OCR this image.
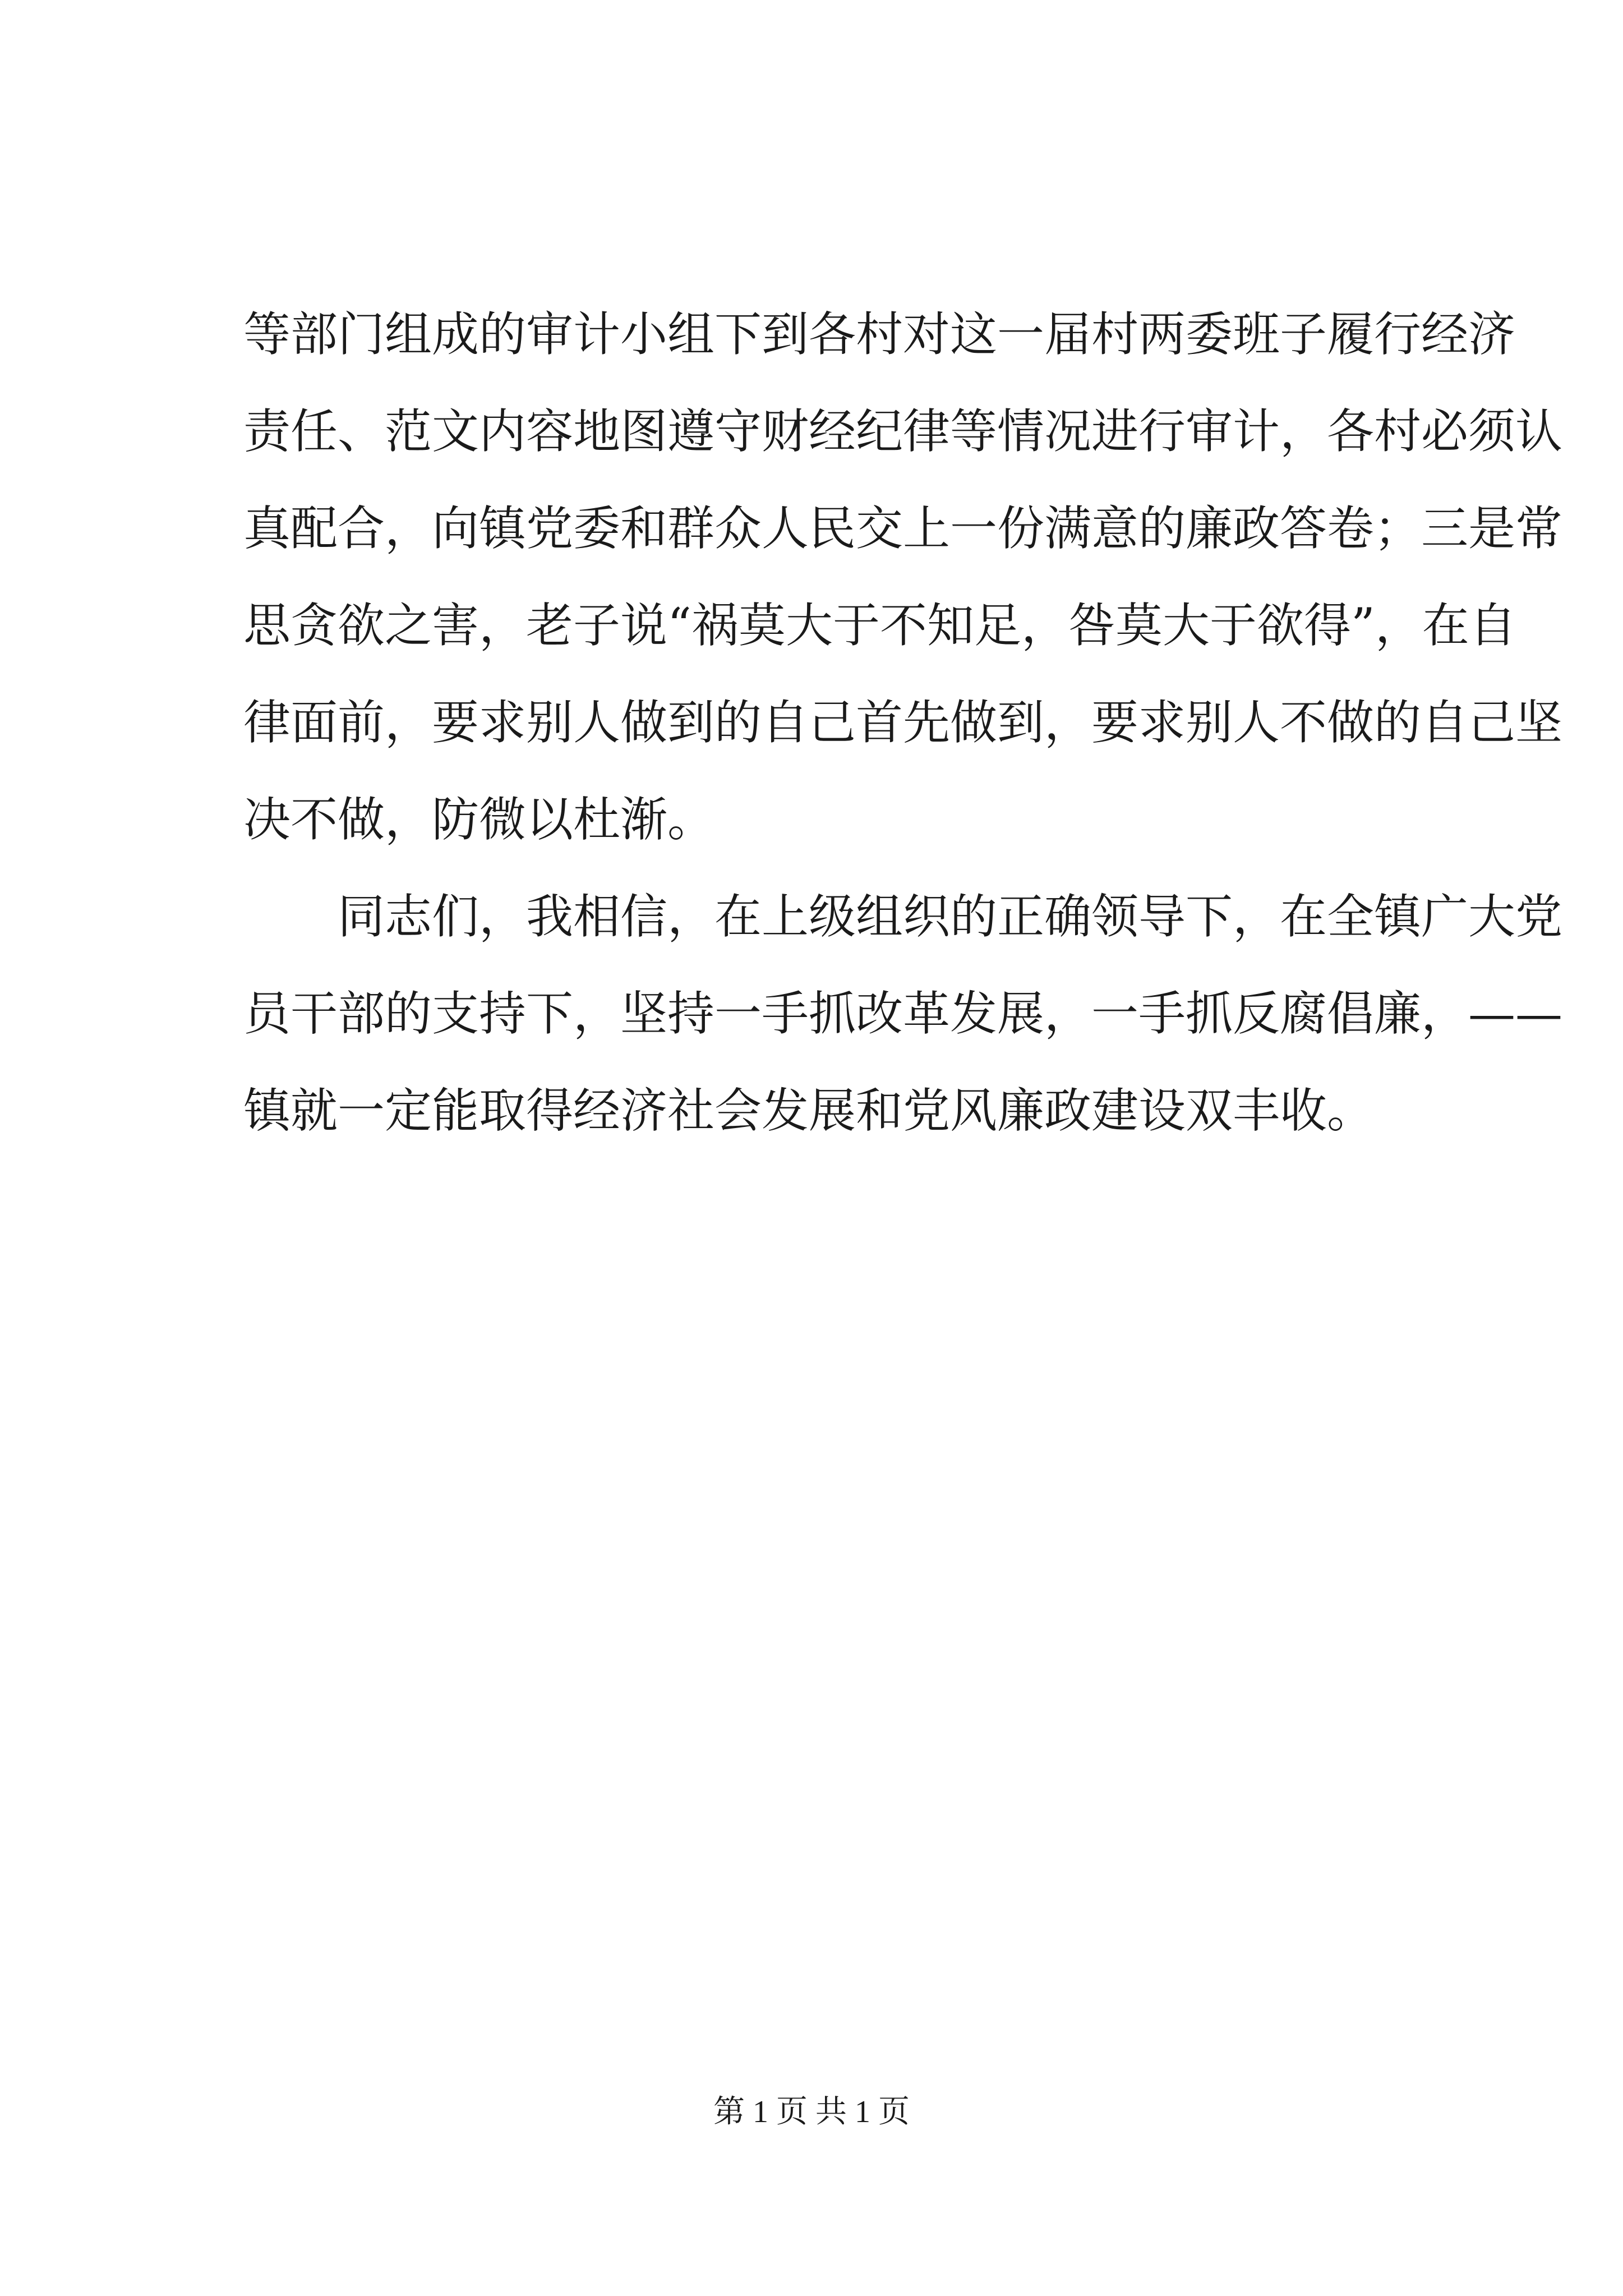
等部门组成的审计小组下到各村对这一届村两委班子履行经济
责任、范文内容地图遵守财经纪律等情况进行审计，各村必须认
真配合，向镇党委和群众人民交上一份满意的廉政答卷；三是常
思贪欲之害，老子说“祸莫大于不知足，咎莫大于欲得”，在自
律面前，要求别人做到的自己首先做到，要求别人不做的自己坚
决不做，防微以杜渐。
同志们，我相信，在上级组织的正确领导下，在全镇广大党
员干部的支持下，坚持一手抓改革发展，一手抓反腐倡廉，——
镇就一定能取得经济社会发展和党风廉政建设双丰收。
第 1 页 共 1 页
